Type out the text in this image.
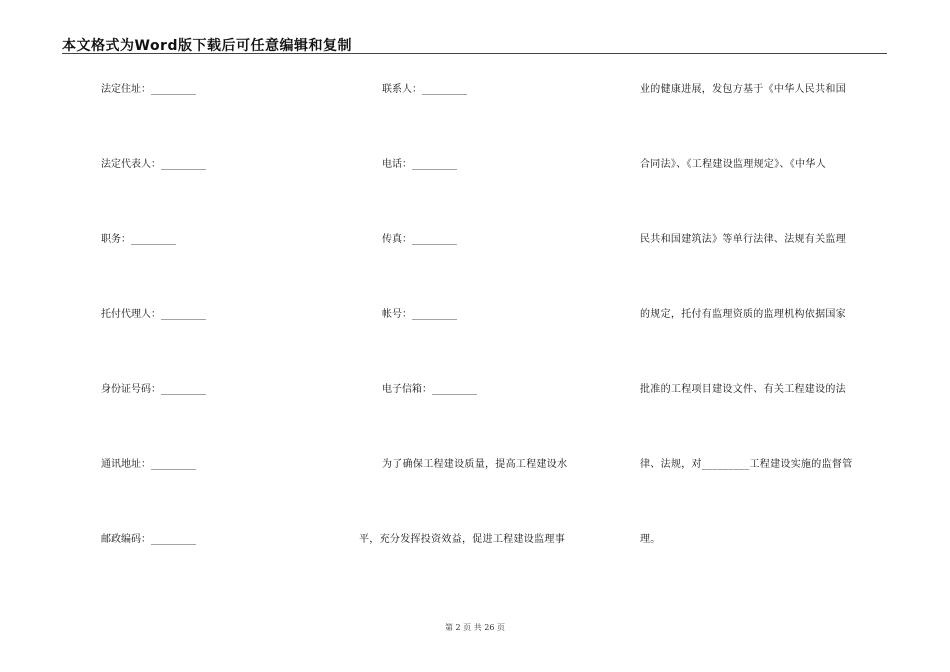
本文格式为Word版下载后可任意编辑和复制
法定住址：_________
法定代表人：_________
职务：_________
托付代理人：_________
身份证号码：_________
通讯地址：_________
邮政编码：_________
联系人：_________
电话：_________
传真：_________
帐号：_________
电子信箱：_________
为了确保工程建设质量，提高工程建设水
平，充分发挥投资效益，促进工程建设监理事
业的健康进展，发包方基于《中华人民共和国
合同法》、《工程建设监理规定》、《中华人
民共和国建筑法》等单行法律、法规有关监理
的规定，托付有监理资质的监理机构依据国家
批准的工程项目建设文件、有关工程建设的法
律、法规，对_________工程建设实施的监督管
理。
第 2 页 共 26 页
